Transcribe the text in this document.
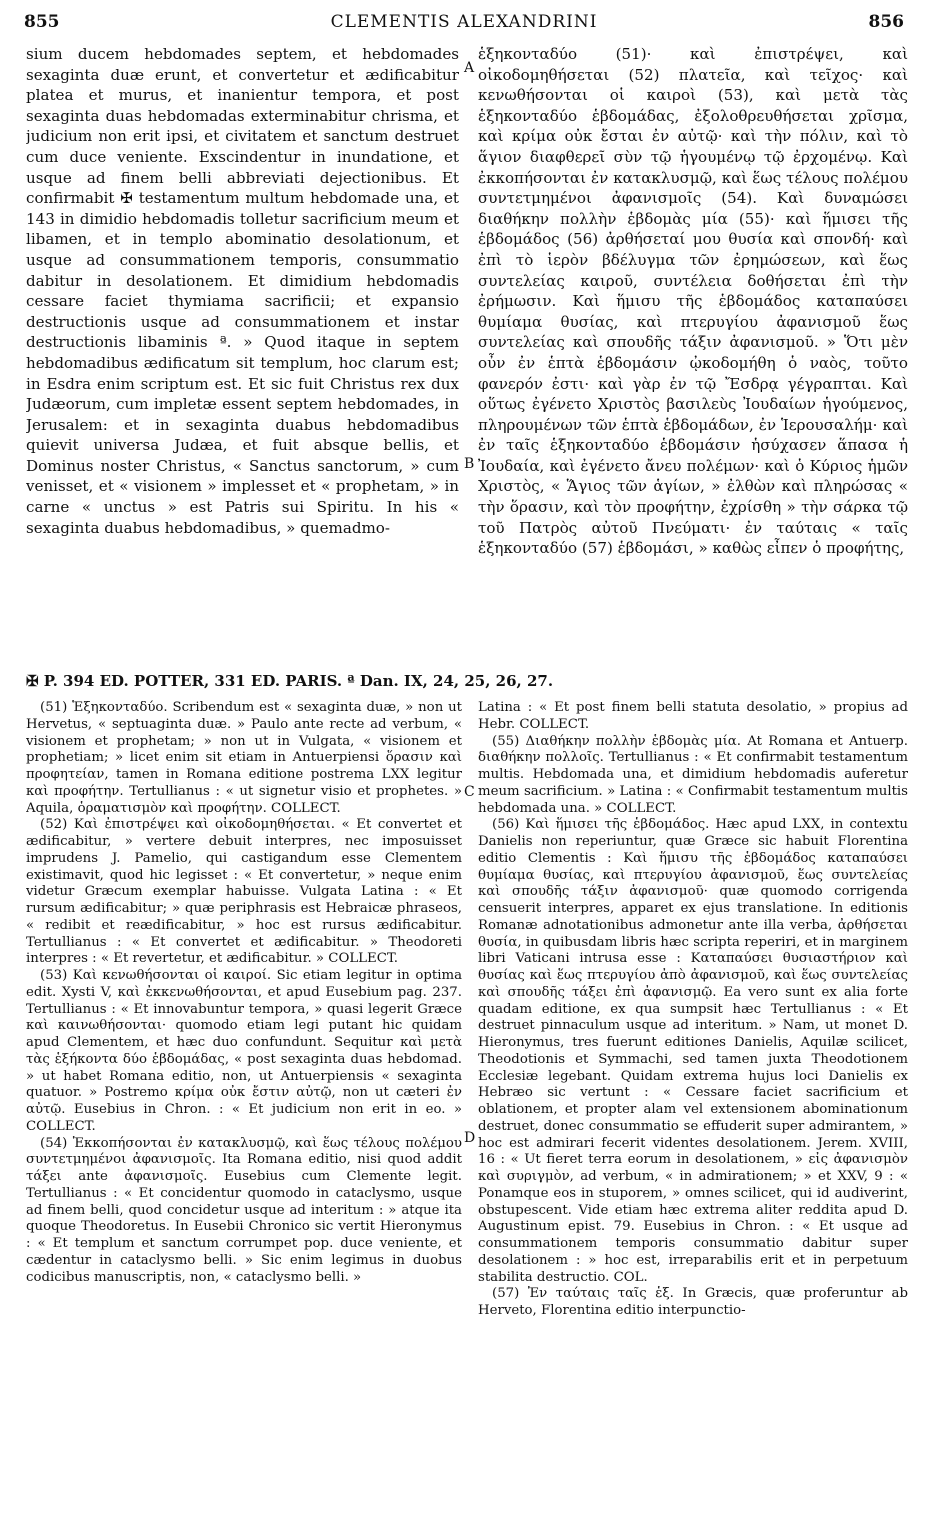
855	CLEMENTIS ALEXANDRINI	856
sium ducem hebdomades septem, et hebdomades sexaginta duæ erunt, et convertetur et ædificabitur platea et murus, et inanientur tempora, et post sexaginta duas hebdomadas exterminabitur chrisma, et judicium non erit ipsi, et civitatem et sanctum destruet cum duce veniente. Exscindentur in inundatione, et usque ad finem belli abbreviati dejectionibus. Et confirmabit ✠ testamentum multum hebdomade una, et 143 in dimidio hebdomadis tolletur sacrificium meum et libamen, et in templo abominatio desolationum, et usque ad consummationem temporis, consummatio dabitur in desolationem. Et dimidium hebdomadis cessare faciet thymiama sacrificii; et expansio destructionis usque ad consummationem et instar destructionis libaminis ª. » Quod itaque in septem hebdomadibus ædificatum sit templum, hoc clarum est; in Esdra enim scriptum est. Et sic fuit Christus rex dux Judæorum, cum impletæ essent septem hebdomades, in Jerusalem: et in sexaginta duabus hebdomadibus quievit universa Judæa, et fuit absque bellis, et Dominus noster Christus, « Sanctus sanctorum, » cum venisset, et « visionem » implesset et « prophetam, » in carne « unctus » est Patris sui Spiritu. In his « sexaginta duabus hebdomadibus, » quemadmo-
A
B
C
D
ἑξηκονταδύο (51)· καὶ ἐπιστρέψει, καὶ οἰκοδομηθήσεται (52) πλατεῖα, καὶ τεῖχος· καὶ κενωθήσονται οἱ καιροὶ (53), καὶ μετὰ τὰς ἑξηκονταδύο ἑβδομάδας, ἐξολοθρευθήσεται χρῖσμα, καὶ κρίμα οὐκ ἔσται ἐν αὐτῷ· καὶ τὴν πόλιν, καὶ τὸ ἅγιον διαφθερεῖ σὺν τῷ ἡγουμένῳ τῷ ἐρχομένῳ. Καὶ ἐκκοπήσονται ἐν κατακλυσμῷ, καὶ ἕως τέλους πολέμου συντετμημένοι ἀφανισμοῖς (54). Καὶ δυναμώσει διαθήκην πολλὴν ἑβδομὰς μία (55)· καὶ ἥμισει τῆς ἑβδομάδος (56) ἀρθήσεταί μου θυσία καὶ σπονδή· καὶ ἐπὶ τὸ ἱερὸν βδέλυγμα τῶν ἐρημώσεων, καὶ ἕως συντελείας καιροῦ, συντέλεια δοθήσεται ἐπὶ τὴν ἐρήμωσιν. Καὶ ἥμισυ τῆς ἑβδομάδος καταπαύσει θυμίαμα θυσίας, καὶ πτερυγίου ἀφανισμοῦ ἕως συντελείας καὶ σπουδῆς τάξιν ἀφανισμοῦ. » Ὅτι μὲν οὖν ἐν ἑπτὰ ἑβδομάσιν ᾠκοδομήθη ὁ ναὸς, τοῦτο φανερόν ἐστι· καὶ γὰρ ἐν τῷ Ἔσδρᾳ γέγραπται. Καὶ οὕτως ἐγένετο Χριστὸς βασιλεὺς Ἰουδαίων ἡγούμενος, πληρουμένων τῶν ἑπτὰ ἑβδομάδων, ἐν Ἱερουσαλήμ· καὶ ἐν ταῖς ἑξηκονταδύο ἑβδομάσιν ἡσύχασεν ἅπασα ἡ Ἰουδαία, καὶ ἐγένετο ἄνευ πολέμων· καὶ ὁ Κύριος ἡμῶν Χριστὸς, « Ἅγιος τῶν ἁγίων, » ἐλθὼν καὶ πληρώσας « τὴν ὅρασιν, καὶ τὸν προφήτην, ἐχρίσθη » τὴν σάρκα τῷ τοῦ Πατρὸς αὐτοῦ Πνεύματι· ἐν ταύταις « ταῖς ἑξηκονταδύο (57) ἑβδομάσι, » καθὼς εἶπεν ὁ προφήτης,
✠ P. 394 ED. POTTER, 331 ED. PARIS. ª Dan. IX, 24, 25, 26, 27.

(51) Ἑξηκονταδύο. Scribendum est « sexaginta duæ, » non ut Hervetus, « septuaginta duæ. » Paulo ante recte ad verbum, « visionem et prophetam; » non ut in Vulgata, « visionem et prophetiam; » licet enim sit etiam in Antuerpiensi ὅρασιν καὶ προφητείαν, tamen in Romana editione postrema LXX legitur καὶ προφήτην. Tertullianus : « ut signetur visio et prophetes. » Aquila, ὁραματισμὸν καὶ προφήτην. COLLECT.

(52) Καὶ ἐπιστρέψει καὶ οἰκοδομηθήσεται. « Et convertet et ædificabitur, » vertere debuit interpres, nec imposuisset imprudens J. Pamelio, qui castigandum esse Clementem existimavit, quod hic legisset : « Et convertetur, » neque enim videtur Græcum exemplar habuisse. Vulgata Latina : « Et rursum ædificabitur; » quæ periphrasis est Hebraicæ phraseos, « redibit et reædificabitur, » hoc est rursus ædificabitur. Tertullianus : « Et convertet et ædificabitur. » Theodoreti interpres : « Et revertetur, et ædificabitur. » COLLECT.

(53) Καὶ κενωθήσονται οἱ καιροί. Sic etiam legitur in optima edit. Xysti V, καὶ ἐκκενωθήσονται, et apud Eusebium pag. 237. Tertullianus : « Et innovabuntur tempora, » quasi legerit Græce καὶ καινωθήσονται· quomodo etiam legi putant hic quidam apud Clementem, et hæc duo confundunt. Sequitur καὶ μετὰ τὰς ἑξήκοντα δύο ἑβδομάδας, « post sexaginta duas hebdomad. » ut habet Romana editio, non, ut Antuerpiensis « sexaginta quatuor. » Postremo κρίμα οὐκ ἔστιν αὐτῷ, non ut cæteri ἐν αὐτῷ. Eusebius in Chron. : « Et judicium non erit in eo. » COLLECT.

(54) Ἐκκοπήσονται ἐν κατακλυσμῷ, καὶ ἕως τέλους πολέμου συντετμημένοι ἀφανισμοῖς. Ita Romana editio, nisi quod addit τάξει ante ἀφανισμοῖς. Eusebius cum Clemente legit. Tertullianus : « Et concidentur quomodo in cataclysmo, usque ad finem belli, quod concidetur usque ad interitum : » atque ita quoque Theodoretus. In Eusebii Chronico sic vertit Hieronymus : « Et templum et sanctum corrumpet pop. duce veniente, et cædentur in cataclysmo belli. » Sic enim legimus in duobus codicibus manuscriptis, non, « cataclysmo belli. »

Latina : « Et post finem belli statuta desolatio, » propius ad Hebr. COLLECT.

(55) Διαθήκην πολλὴν ἑβδομὰς μία. At Romana et Antuerp. διαθήκην πολλοῖς. Tertullianus : « Et confirmabit testamentum multis. Hebdomada una, et dimidium hebdomadis auferetur meum sacrificium. » Latina : « Confirmabit testamentum multis hebdomada una. » COLLECT.

(56) Καὶ ἥμισει τῆς ἑβδομάδος. Hæc apud LXX, in contextu Danielis non reperiuntur, quæ Græce sic habuit Florentina editio Clementis : Καὶ ἥμισυ τῆς ἑβδομάδος καταπαύσει θυμίαμα θυσίας, καὶ πτερυγίου ἀφανισμοῦ, ἕως συντελείας καὶ σπουδῆς τάξιν ἀφανισμοῦ· quæ quomodo corrigenda censuerit interpres, apparet ex ejus translatione. In editionis Romanæ adnotationibus admonetur ante illa verba, ἀρθήσεται θυσία, in quibusdam libris hæc scripta reperiri, et in marginem libri Vaticani intrusa esse : Καταπαύσει θυσιαστήριον καὶ θυσίας καὶ ἕως πτερυγίου ἀπὸ ἀφανισμοῦ, καὶ ἕως συντελείας καὶ σπουδῆς τάξει ἐπὶ ἀφανισμῷ. Ea vero sunt ex alia forte quadam editione, ex qua sumpsit hæc Tertullianus : « Et destruet pinnaculum usque ad interitum. » Nam, ut monet D. Hieronymus, tres fuerunt editiones Danielis, Aquilæ scilicet, Theodotionis et Symmachi, sed tamen juxta Theodotionem Ecclesiæ legebant. Quidam extrema hujus loci Danielis ex Hebræo sic vertunt : « Cessare faciet sacrificium et oblationem, et propter alam vel extensionem abominationum destruet, donec consummatio se effuderit super admirantem, » hoc est admirari fecerit videntes desolationem. Jerem. XVIII, 16 : « Ut fieret terra eorum in desolationem, » εἰς ἀφανισμὸν καὶ συριγμὸν, ad verbum, « in admirationem; » et XXV, 9 : « Ponamque eos in stuporem, » omnes scilicet, qui id audiverint, obstupescent. Vide etiam hæc extrema aliter reddita apud D. Augustinum epist. 79. Eusebius in Chron. : « Et usque ad consummationem temporis consummatio dabitur super desolationem : » hoc est, irreparabilis erit et in perpetuum stabilita destructio. COL.

(57) Ἐν ταύταις ταῖς ἑξ. In Græcis, quæ proferuntur ab Herveto, Florentina editio interpunctio-
